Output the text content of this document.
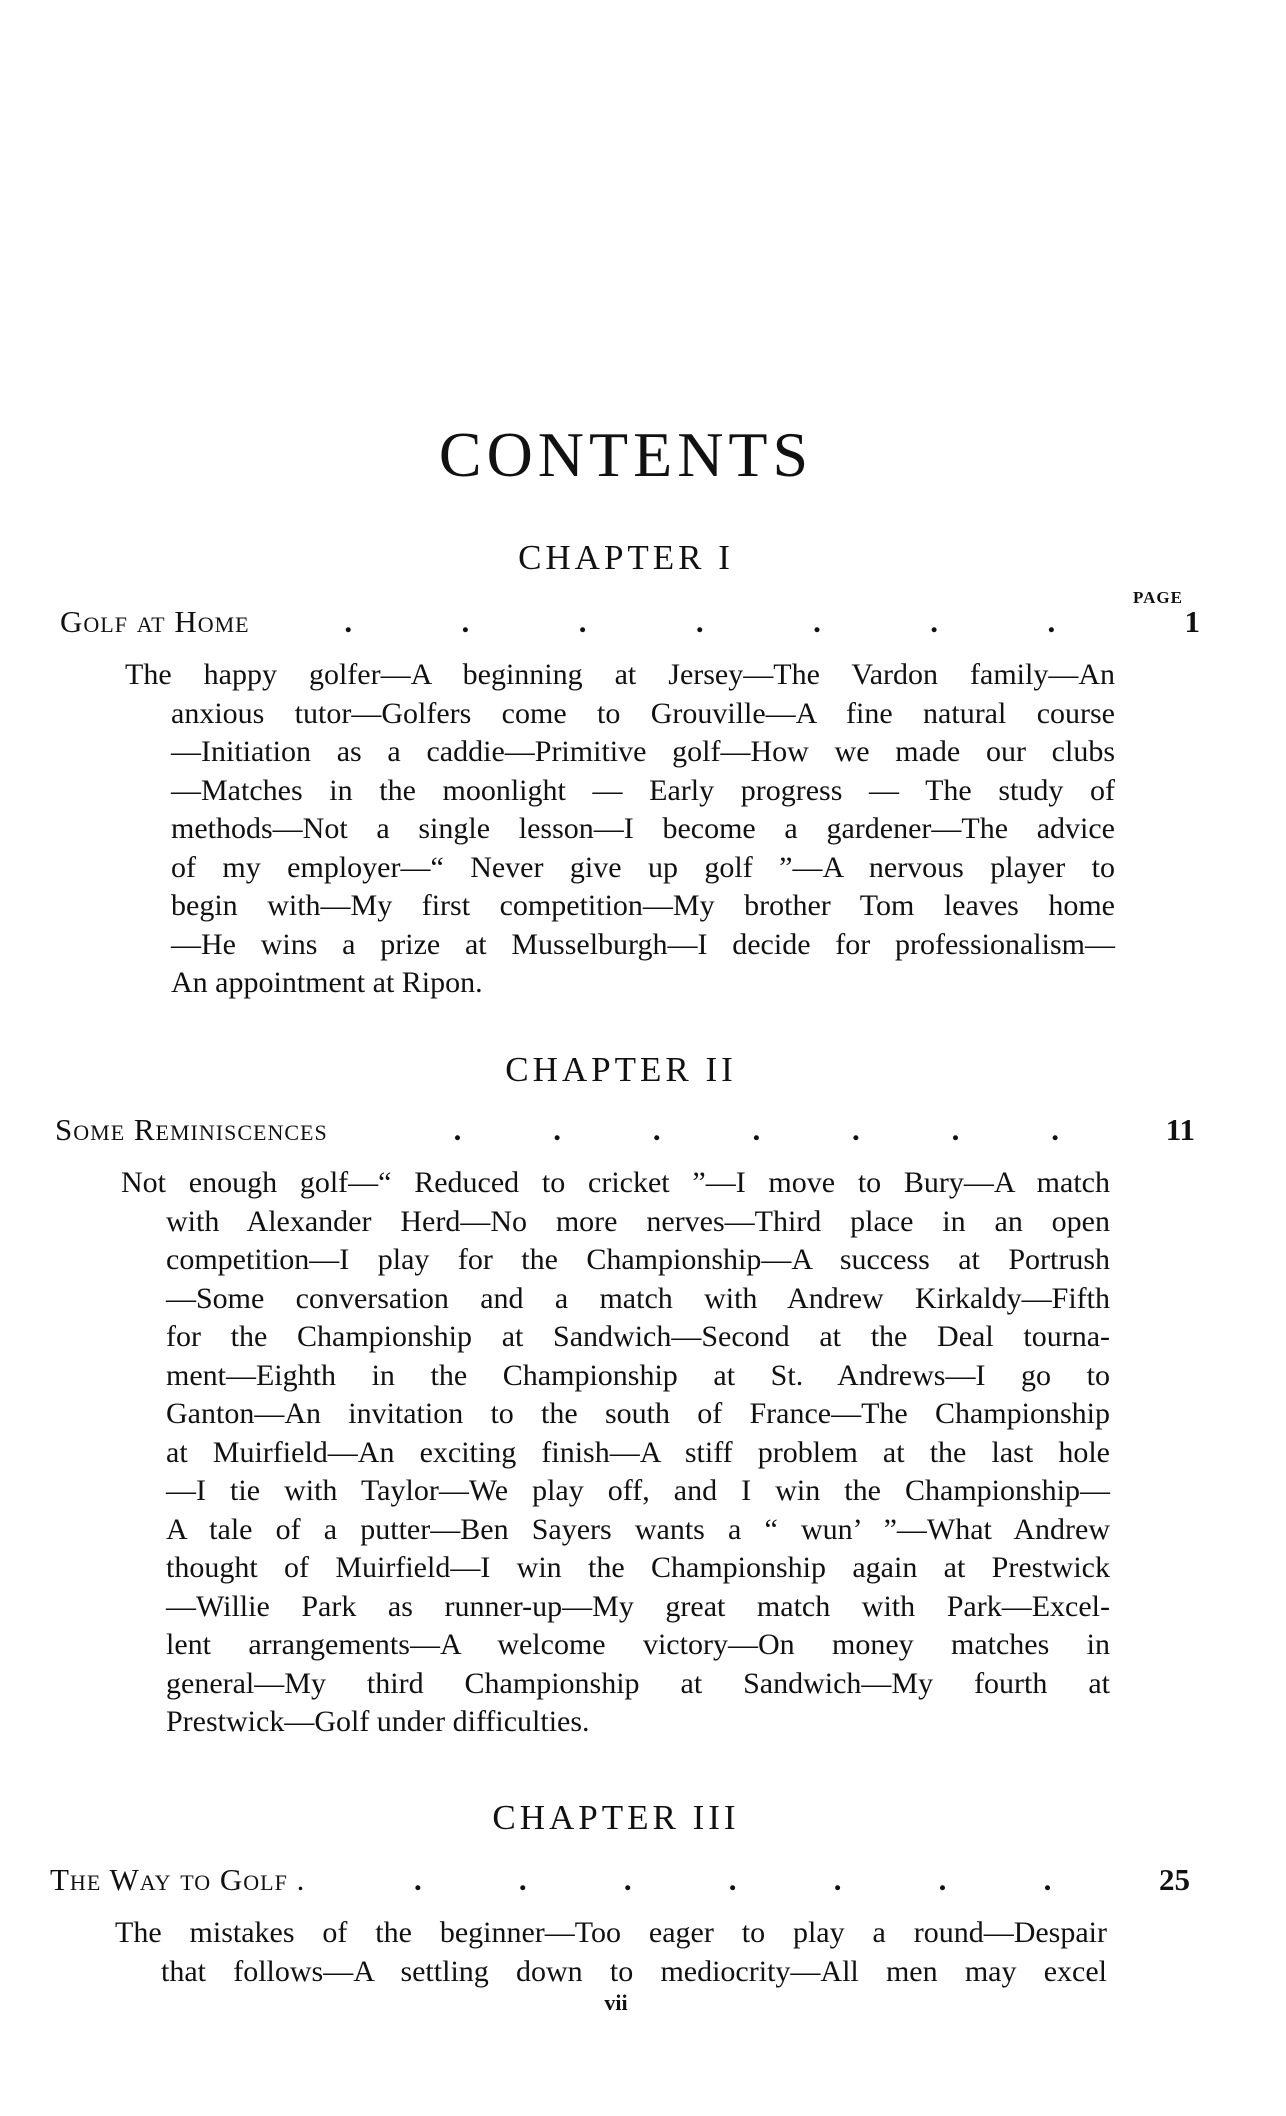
CONTENTS
PAGE
CHAPTER I
Golf at Home	.	.	.	.	.	.	.	1
The happy golfer—A beginning at Jersey—The Vardon family—An
anxious tutor—Golfers come to Grouville—A fine natural course
—Initiation as a caddie—Primitive golf—How we made our clubs
—Matches in the moonlight — Early progress — The study of
methods—Not a single lesson—I become a gardener—The advice
of my employer—“ Never give up golf ”—A nervous player to
begin with—My first competition—My brother Tom leaves home
—He wins a prize at Musselburgh—I decide for professionalism—
An appointment at Ripon.
CHAPTER II
Some Reminiscences	.	.	.	.	.	.	.	11
Not enough golf—“ Reduced to cricket ”—I move to Bury—A match
with Alexander Herd—No more nerves—Third place in an open
competition—I play for the Championship—A success at Portrush
—Some conversation and a match with Andrew Kirkaldy—Fifth
for the Championship at Sandwich—Second at the Deal tourna-
ment—Eighth in the Championship at St. Andrews—I go to
Ganton—An invitation to the south of France—The Championship
at Muirfield—An exciting finish—A stiff problem at the last hole
—I tie with Taylor—We play off, and I win the Championship—
A tale of a putter—Ben Sayers wants a “ wun’ ”—What Andrew
thought of Muirfield—I win the Championship again at Prestwick
—Willie Park as runner-up—My great match with Park—Excel-
lent arrangements—A welcome victory—On money matches in
general—My third Championship at Sandwich—My fourth at
Prestwick—Golf under difficulties.
CHAPTER III
The Way to Golf .	.	.	.	.	.	.	.	25
The mistakes of the beginner—Too eager to play a round—Despair
that follows—A settling down to mediocrity—All men may excel
vii
